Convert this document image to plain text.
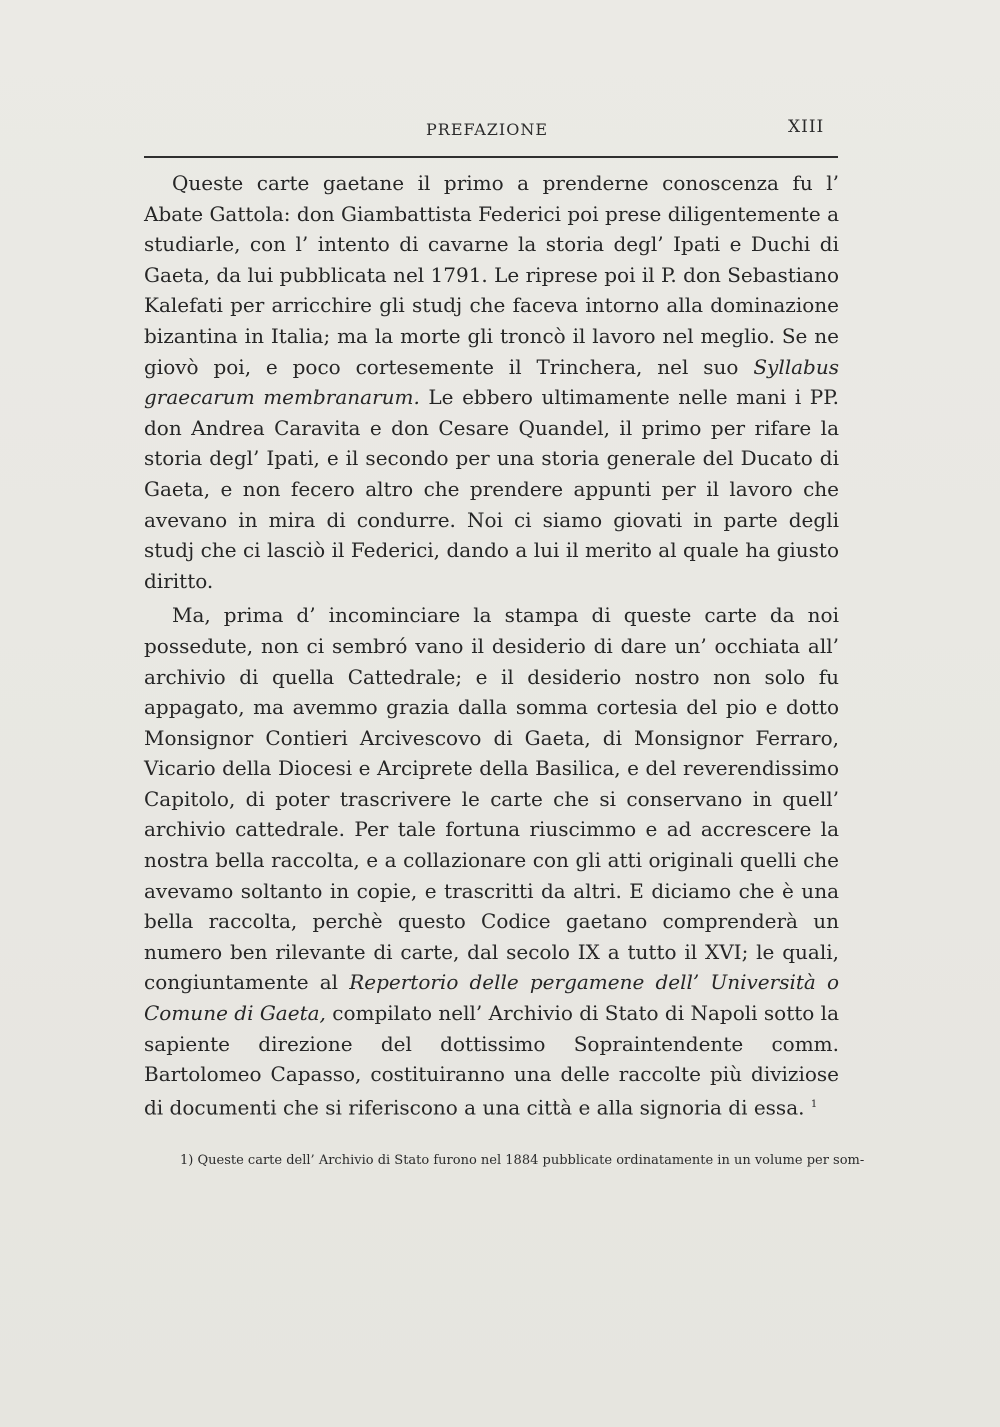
PREFAZIONE	XIII

Queste carte gaetane il primo a prenderne conoscenza fu l’ Abate Gattola: don Giambattista Federici poi prese diligentemente a studiarle, con l’ intento di cavarne la storia degl’ Ipati e Duchi di Gaeta, da lui pubblicata nel 1791. Le riprese poi il P. don Sebastiano Kalefati per arricchire gli studj che faceva intorno alla dominazione bizantina in Italia; ma la morte gli troncò il lavoro nel meglio. Se ne giovò poi, e poco cortesemente il Trinchera, nel suo Syllabus graecarum membranarum. Le ebbero ultimamente nelle mani i PP. don Andrea Caravita e don Cesare Quandel, il primo per rifare la storia degl’ Ipati, e il secondo per una storia generale del Ducato di Gaeta, e non fecero altro che prendere appunti per il lavoro che avevano in mira di condurre. Noi ci siamo giovati in parte degli studj che ci lasciò il Federici, dando a lui il merito al quale ha giusto diritto.

Ma, prima d’ incominciare la stampa di queste carte da noi possedute, non ci sembró vano il desiderio di dare un’ occhiata all’ archivio di quella Cattedrale; e il desiderio nostro non solo fu appagato, ma avemmo grazia dalla somma cortesia del pio e dotto Monsignor Contieri Arcivescovo di Gaeta, di Monsignor Ferraro, Vicario della Diocesi e Arciprete della Basilica, e del reverendissimo Capitolo, di poter trascrivere le carte che si conservano in quell’ archivio cattedrale. Per tale fortuna riuscimmo e ad accrescere la nostra bella raccolta, e a collazionare con gli atti originali quelli che avevamo soltanto in copie, e trascritti da altri. E diciamo che è una bella raccolta, perchè questo Codice gaetano comprenderà un numero ben rilevante di carte, dal secolo IX a tutto il XVI; le quali, congiuntamente al Repertorio delle pergamene dell’ Università o Comune di Gaeta, compilato nell’ Archivio di Stato di Napoli sotto la sapiente direzione del dottissimo Sopraintendente comm. Bartolomeo Capasso, costituiranno una delle raccolte più diviziose di documenti che si riferiscono a una città e alla signoria di essa. $^1$

1) Queste carte dell’ Archivio di Stato furono nel 1884 pubblicate ordinatamente in un volume per som-
